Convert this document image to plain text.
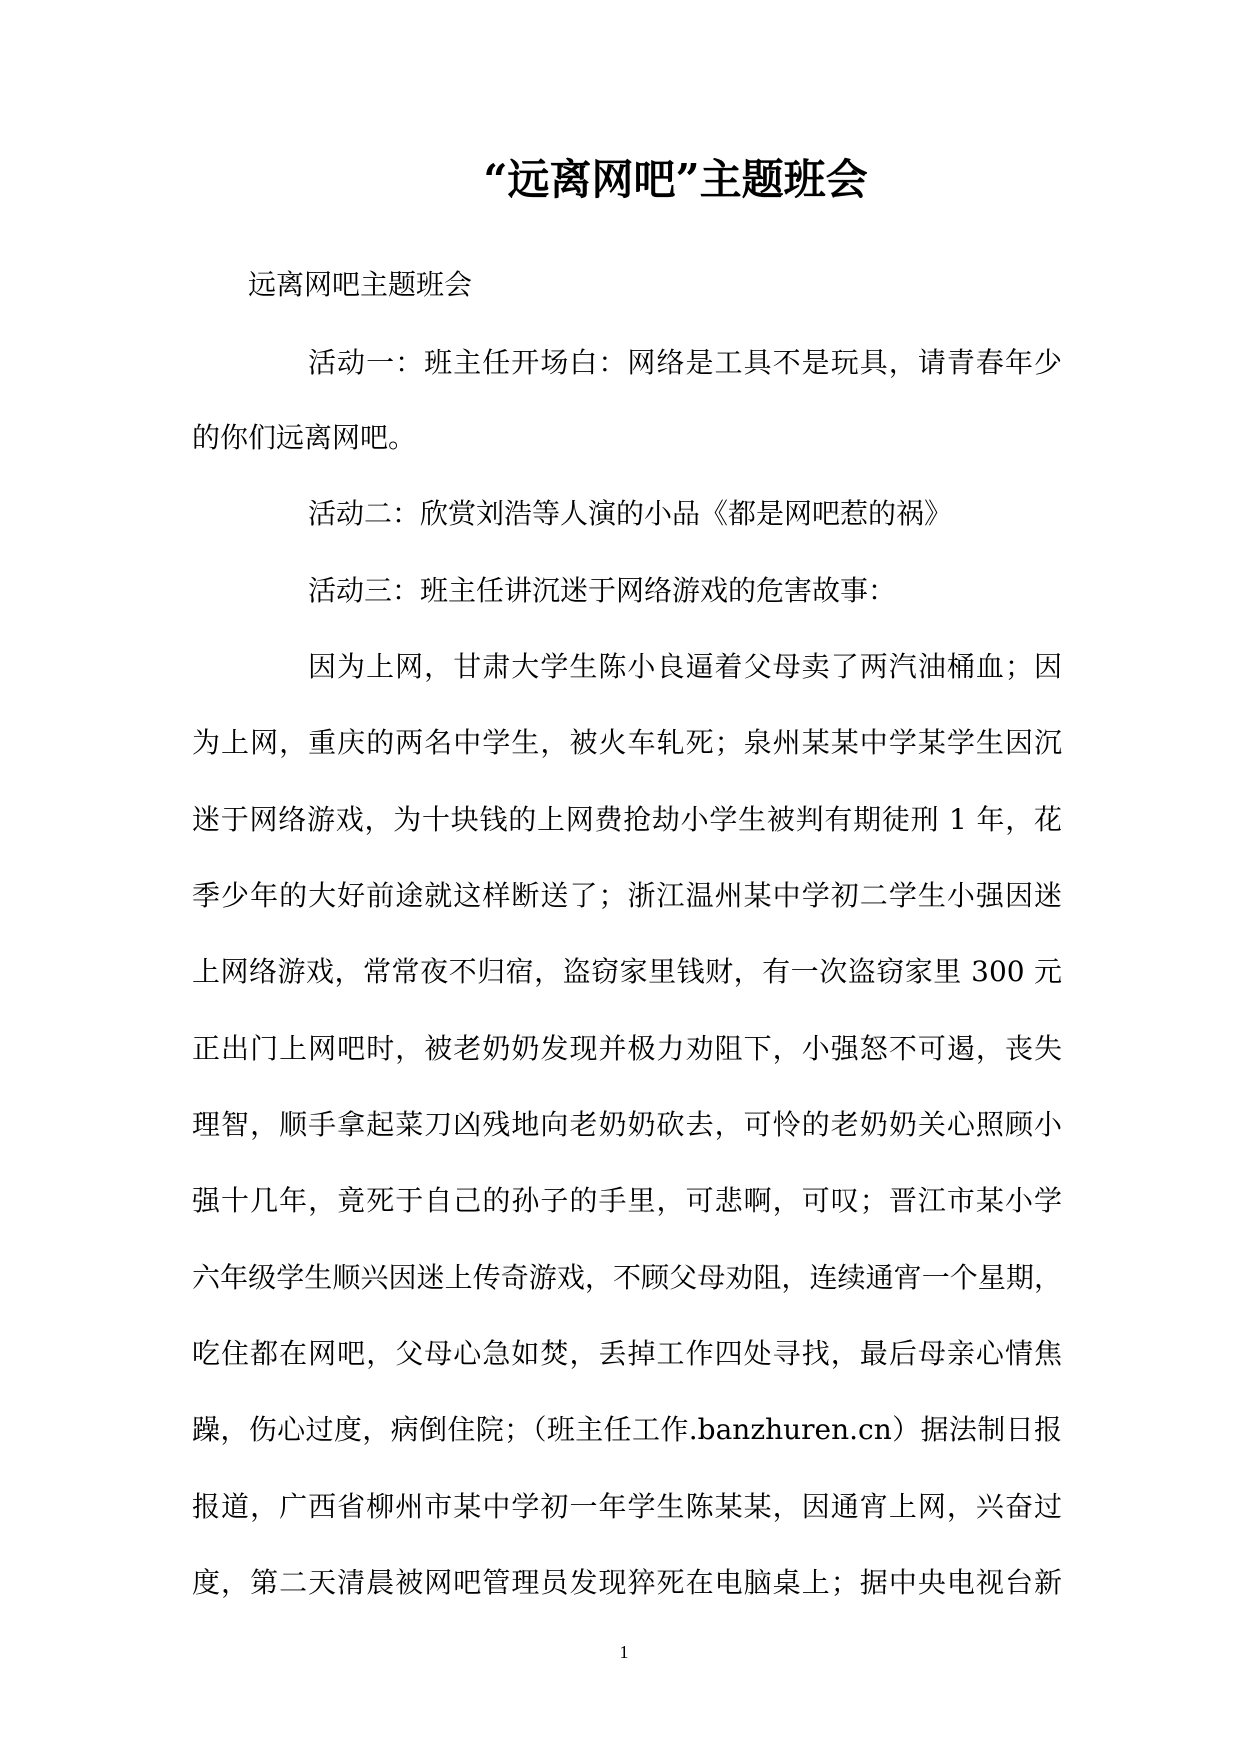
“远离网吧”主题班会
远离网吧主题班会
活动一：班主任开场白：网络是工具不是玩具，请青春年少
的你们远离网吧。
活动二：欣赏刘浩等人演的小品《都是网吧惹的祸》
活动三：班主任讲沉迷于网络游戏的危害故事：
因为上网，甘肃大学生陈小良逼着父母卖了两汽油桶血；因
为上网，重庆的两名中学生，被火车轧死；泉州某某中学某学生因沉
迷于网络游戏，为十块钱的上网费抢劫小学生被判有期徒刑 1 年，花
季少年的大好前途就这样断送了；浙江温州某中学初二学生小强因迷
上网络游戏，常常夜不归宿，盗窃家里钱财，有一次盗窃家里 300 元
正出门上网吧时，被老奶奶发现并极力劝阻下，小强怒不可遏，丧失
理智，顺手拿起菜刀凶残地向老奶奶砍去，可怜的老奶奶关心照顾小
强十几年，竟死于自己的孙子的手里，可悲啊，可叹；晋江市某小学
六年级学生顺兴因迷上传奇游戏，不顾父母劝阻，连续通宵一个星期，
吃住都在网吧，父母心急如焚，丢掉工作四处寻找，最后母亲心情焦
躁，伤心过度，病倒住院；（班主任工作.banzhuren.cn）据法制日报
报道，广西省柳州市某中学初一年学生陈某某，因通宵上网，兴奋过
度，第二天清晨被网吧管理员发现猝死在电脑桌上；据中央电视台新
1
